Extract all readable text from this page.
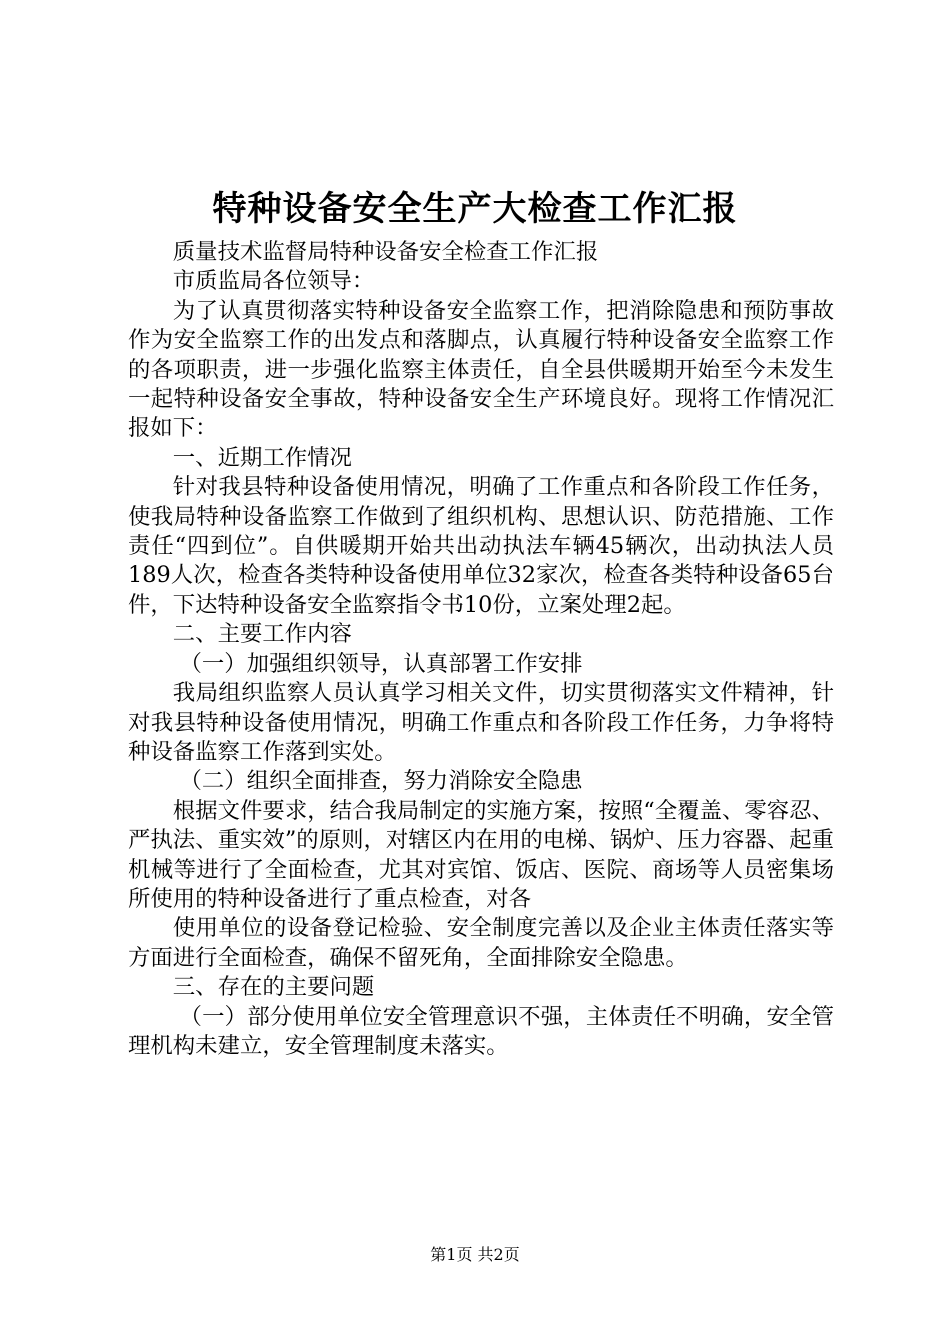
特种设备安全生产大检查工作汇报

质量技术监督局特种设备安全检查工作汇报

市质监局各位领导：

为了认真贯彻落实特种设备安全监察工作，把消除隐患和预防事故作为安全监察工作的出发点和落脚点，认真履行特种设备安全监察工作的各项职责，进一步强化监察主体责任，自全县供暖期开始至今未发生一起特种设备安全事故，特种设备安全生产环境良好。现将工作情况汇报如下：

一、近期工作情况

针对我县特种设备使用情况，明确了工作重点和各阶段工作任务，使我局特种设备监察工作做到了组织机构、思想认识、防范措施、工作责任“四到位”。自供暖期开始共出动执法车辆45辆次，出动执法人员189人次，检查各类特种设备使用单位32家次，检查各类特种设备65台件，下达特种设备安全监察指令书10份，立案处理2起。

二、主要工作内容

（一）加强组织领导，认真部署工作安排

我局组织监察人员认真学习相关文件，切实贯彻落实文件精神，针对我县特种设备使用情况，明确工作重点和各阶段工作任务，力争将特种设备监察工作落到实处。

（二）组织全面排查，努力消除安全隐患

根据文件要求，结合我局制定的实施方案，按照“全覆盖、零容忍、严执法、重实效”的原则，对辖区内在用的电梯、锅炉、压力容器、起重机械等进行了全面检查，尤其对宾馆、饭店、医院、商场等人员密集场所使用的特种设备进行了重点检查，对各

使用单位的设备登记检验、安全制度完善以及企业主体责任落实等方面进行全面检查，确保不留死角，全面排除安全隐患。

三、存在的主要问题

（一）部分使用单位安全管理意识不强，主体责任不明确，安全管理机构未建立，安全管理制度未落实。

第1页 共2页
